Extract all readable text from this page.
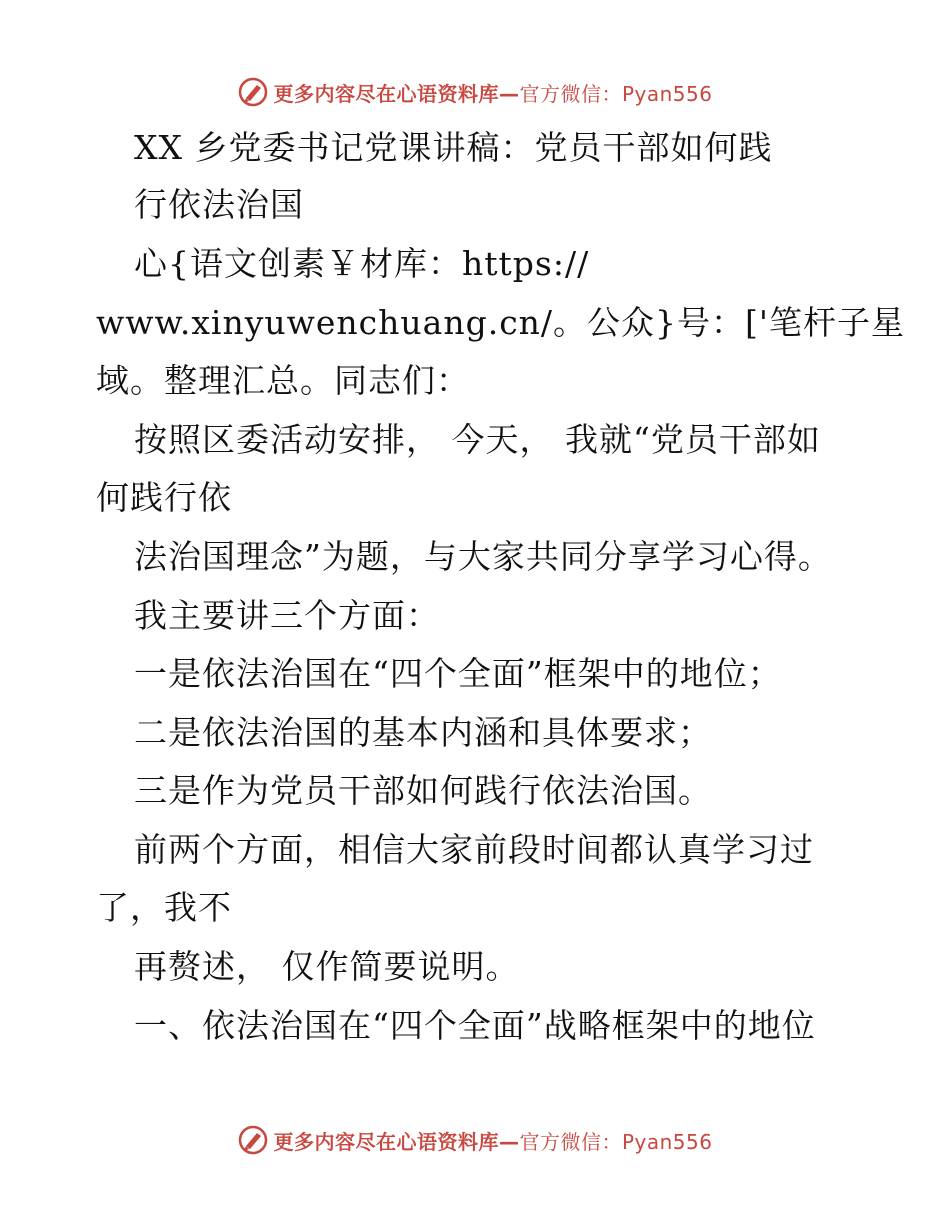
更多内容尽在心语资料库—官方微信：Pyan556
XX 乡党委书记党课讲稿：党员干部如何践
行依法治国
心{语文创素￥材库：https://
www.xinyuwenchuang.cn/。公众}号：['笔杆子星
域。整理汇总。同志们：
按照区委活动安排， 今天， 我就“党员干部如
何践行依
法治国理念”为题，与大家共同分享学习心得。
我主要讲三个方面：
一是依法治国在“四个全面”框架中的地位；
二是依法治国的基本内涵和具体要求；
三是作为党员干部如何践行依法治国。
前两个方面，相信大家前段时间都认真学习过
了，我不
再赘述， 仅作简要说明。
一、依法治国在“四个全面”战略框架中的地位
更多内容尽在心语资料库—官方微信：Pyan556
